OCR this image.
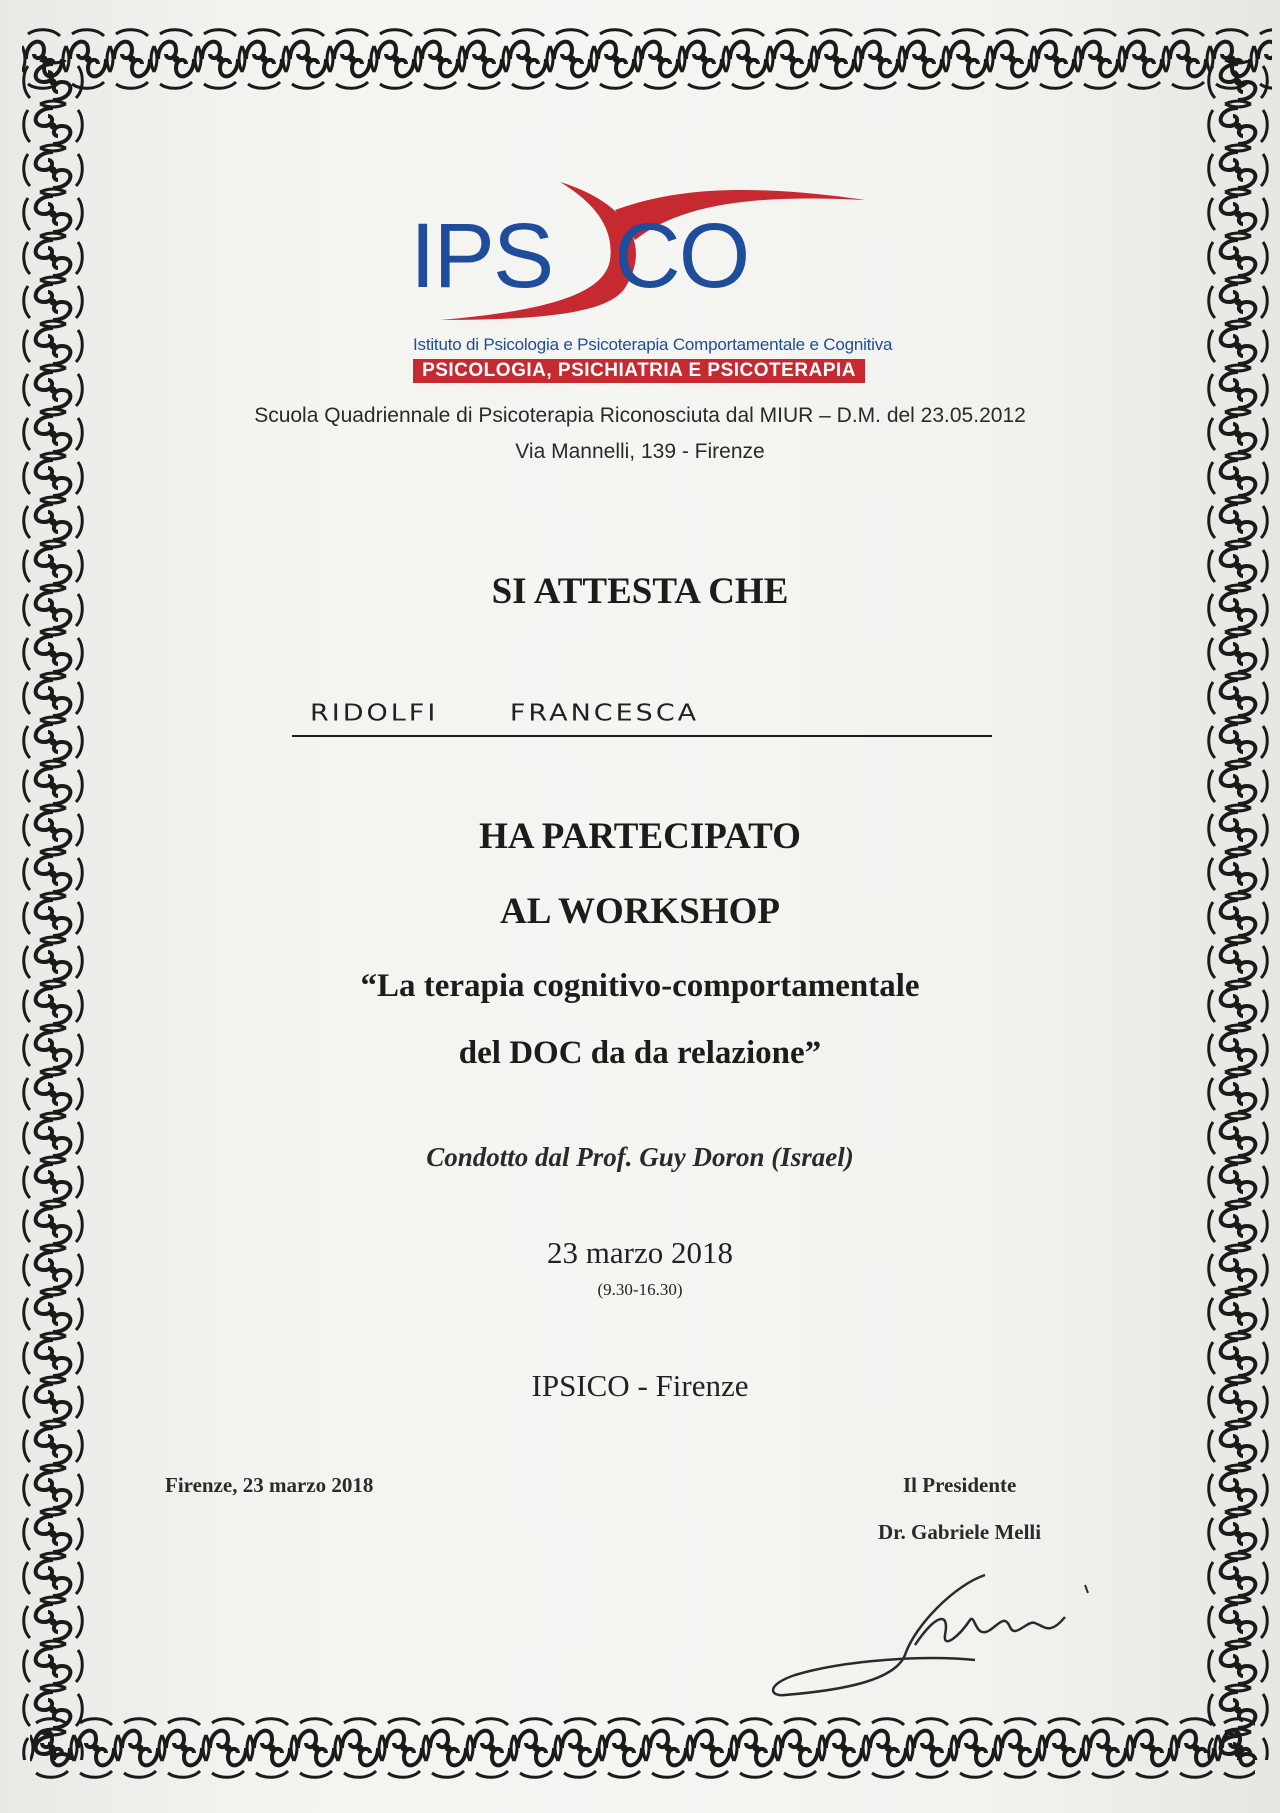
IPS CO
Istituto di Psicologia e Psicoterapia Comportamentale e Cognitiva
PSICOLOGIA, PSICHIATRIA E PSICOTERAPIA
Scuola Quadriennale di Psicoterapia Riconosciuta dal MIUR – D.M. del 23.05.2012
Via Mannelli, 139 - Firenze
SI ATTESTA CHE
RIDOLFI	FRANCESCA
HA PARTECIPATO
AL WORKSHOP
“La terapia cognitivo-comportamentale
del DOC da da relazione”
Condotto dal Prof. Guy Doron (Israel)
23 marzo 2018
(9.30-16.30)
IPSICO - Firenze
Firenze, 23 marzo 2018	Il Presidente
Dr. Gabriele Melli
